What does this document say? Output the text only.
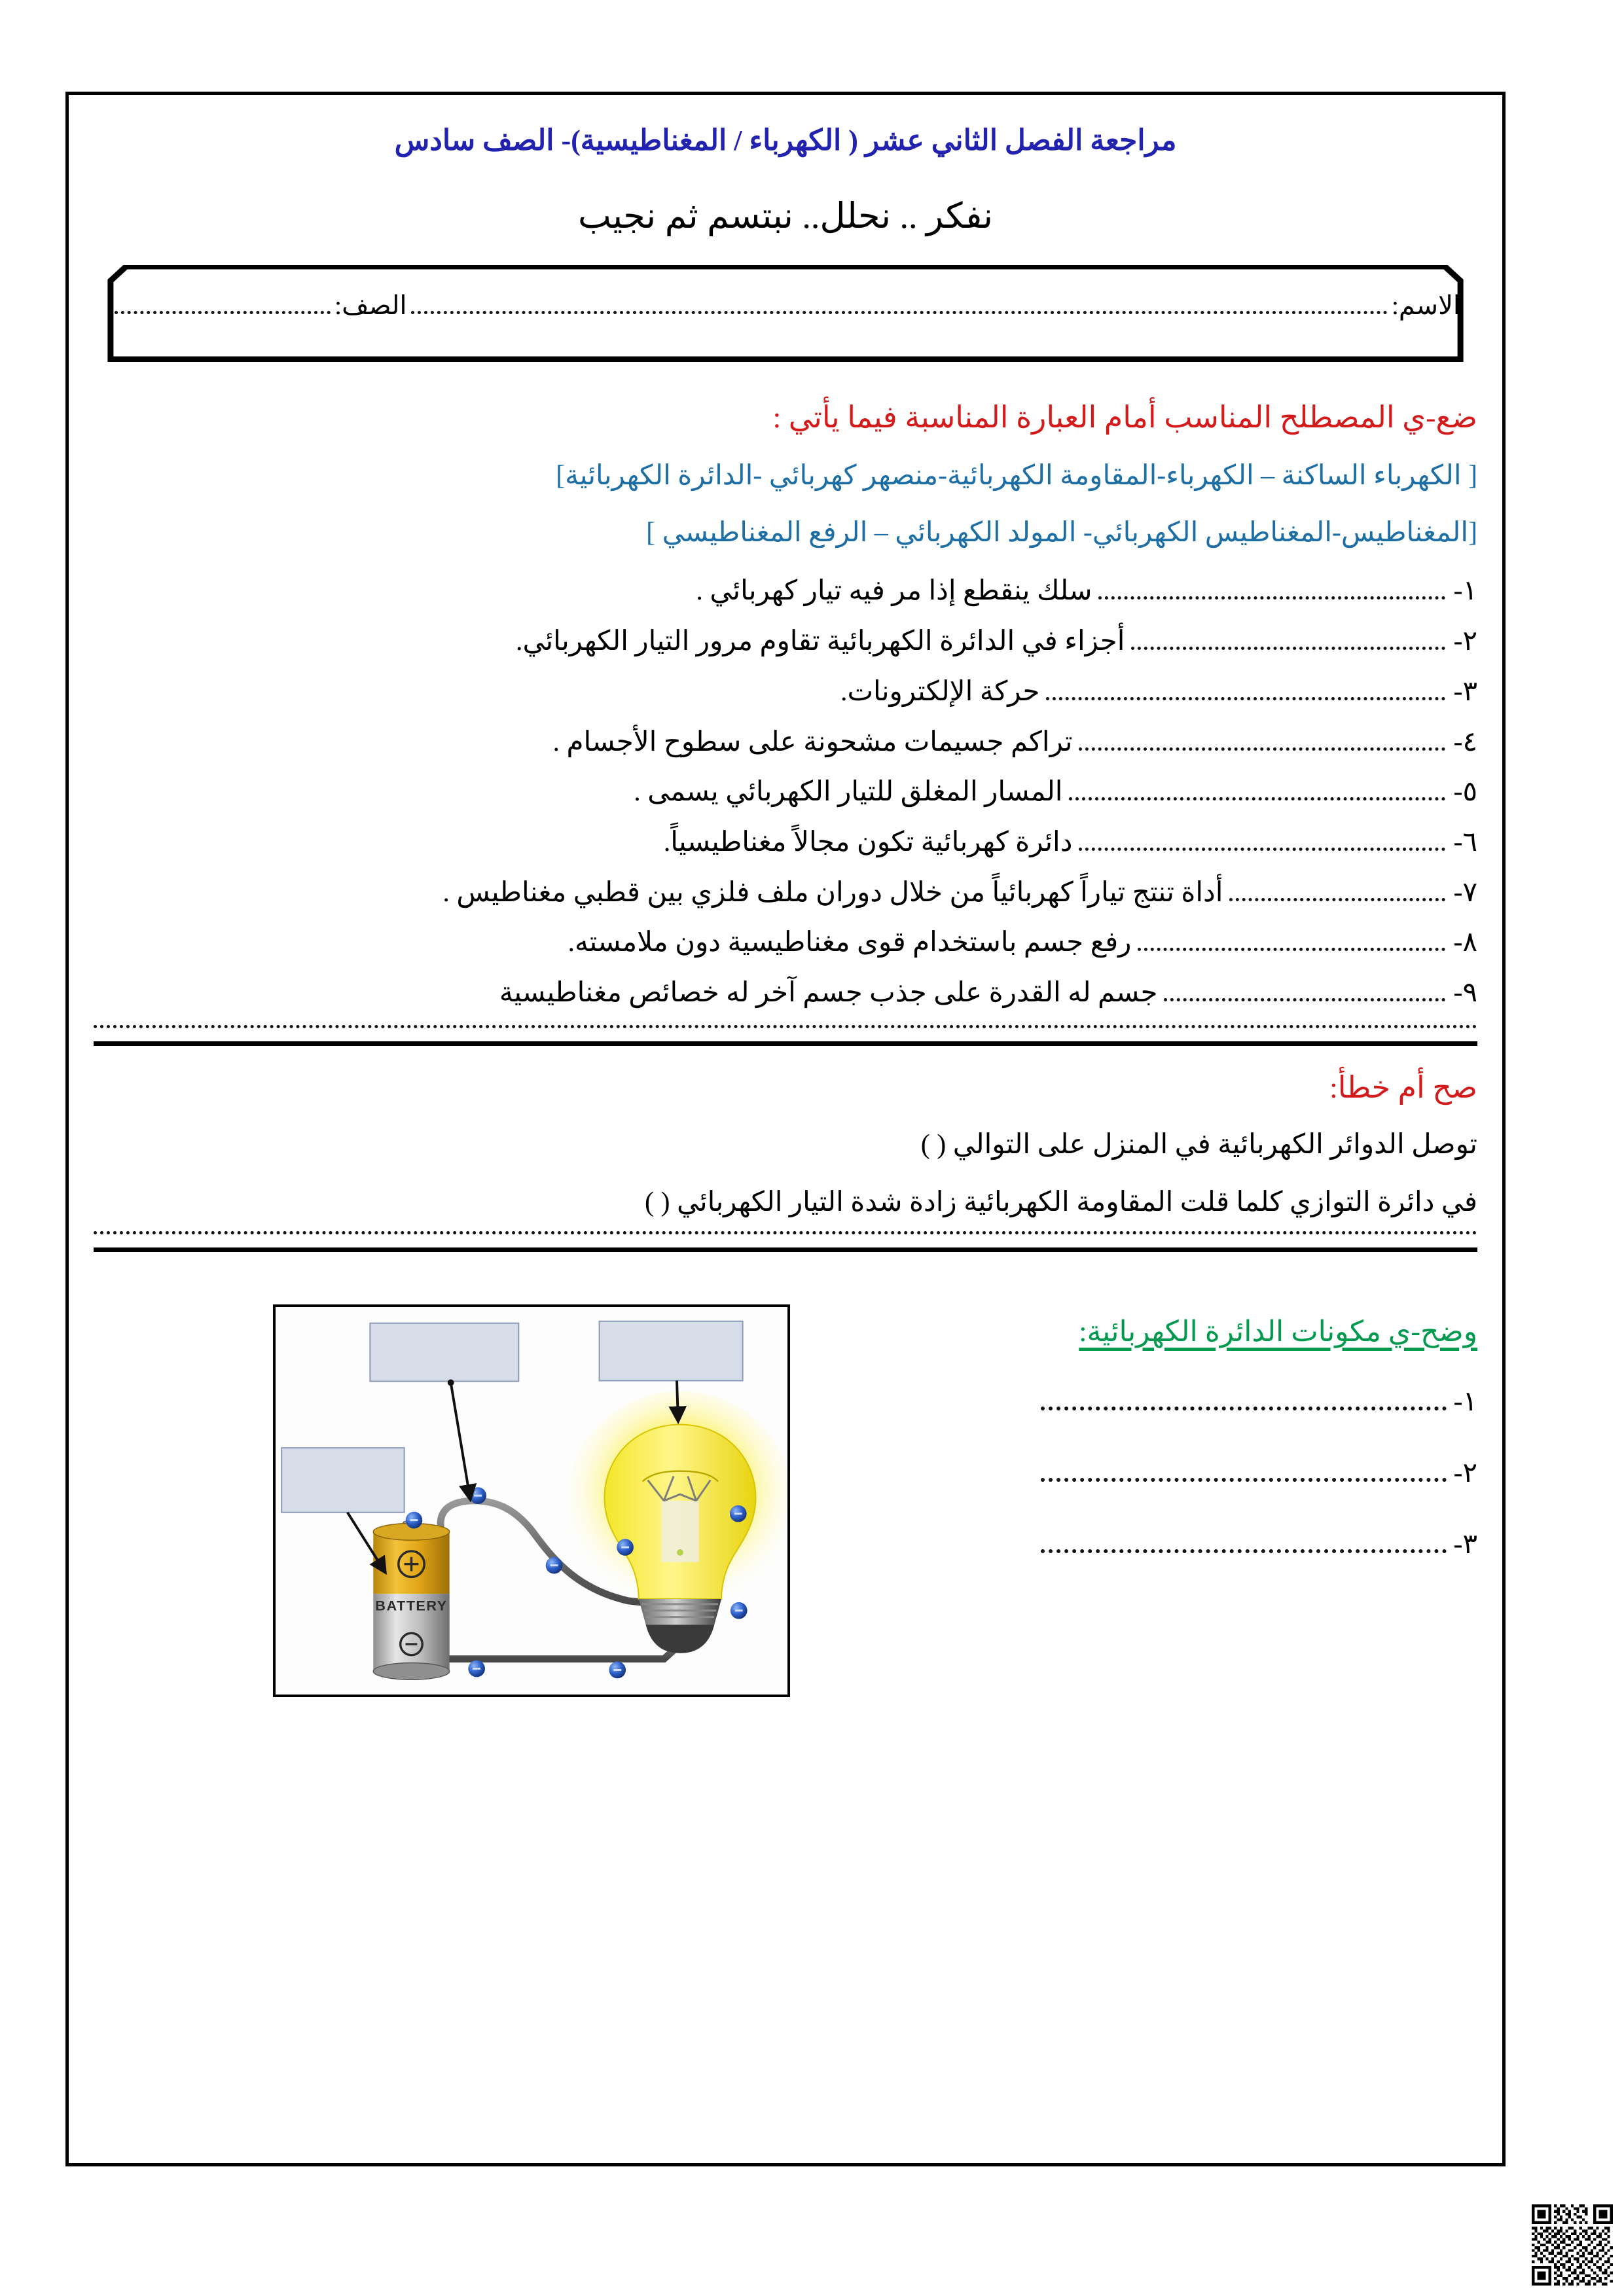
مراجعة الفصل الثاني عشر ( الكهرباء / المغناطيسية)- الصف سادس
نفكر .. نحلل.. نبتسم ثم نجيب
الاسم:
الصف:
ضع-ي المصطلح المناسب أمام العبارة المناسبة فيما يأتي :
[ الكهرباء الساكنة – الكهرباء-المقاومة الكهربائية-منصهر كهربائي -الدائرة الكهربائية]
[المغناطيس-المغناطيس الكهربائي- المولد الكهربائي – الرفع المغناطيسي ]
١-
سلك ينقطع إذا مر فيه تيار كهربائي .
٢-
أجزاء في الدائرة الكهربائية تقاوم مرور التيار الكهربائي.
٣-
حركة الإلكترونات.
٤-
تراكم جسيمات مشحونة على سطوح الأجسام .
٥-
المسار المغلق للتيار الكهربائي يسمى .
٦-
دائرة كهربائية تكون مجالاً مغناطيسياً.
٧-
أداة تنتج تياراً كهربائياً من خلال دوران ملف فلزي بين قطبي مغناطيس .
٨-
رفع جسم باستخدام قوى مغناطيسية دون ملامسته.
٩-
جسم له القدرة على جذب جسم آخر له خصائص مغناطيسية
صح أم خطأ:
توصل الدوائر الكهربائية في المنزل على التوالي ( )
في دائرة التوازي كلما قلت المقاومة الكهربائية زادة شدة التيار الكهربائي ( )
وضح-ي مكونات الدائرة الكهربائية:
١-
٢-
٣-
BATTERY
